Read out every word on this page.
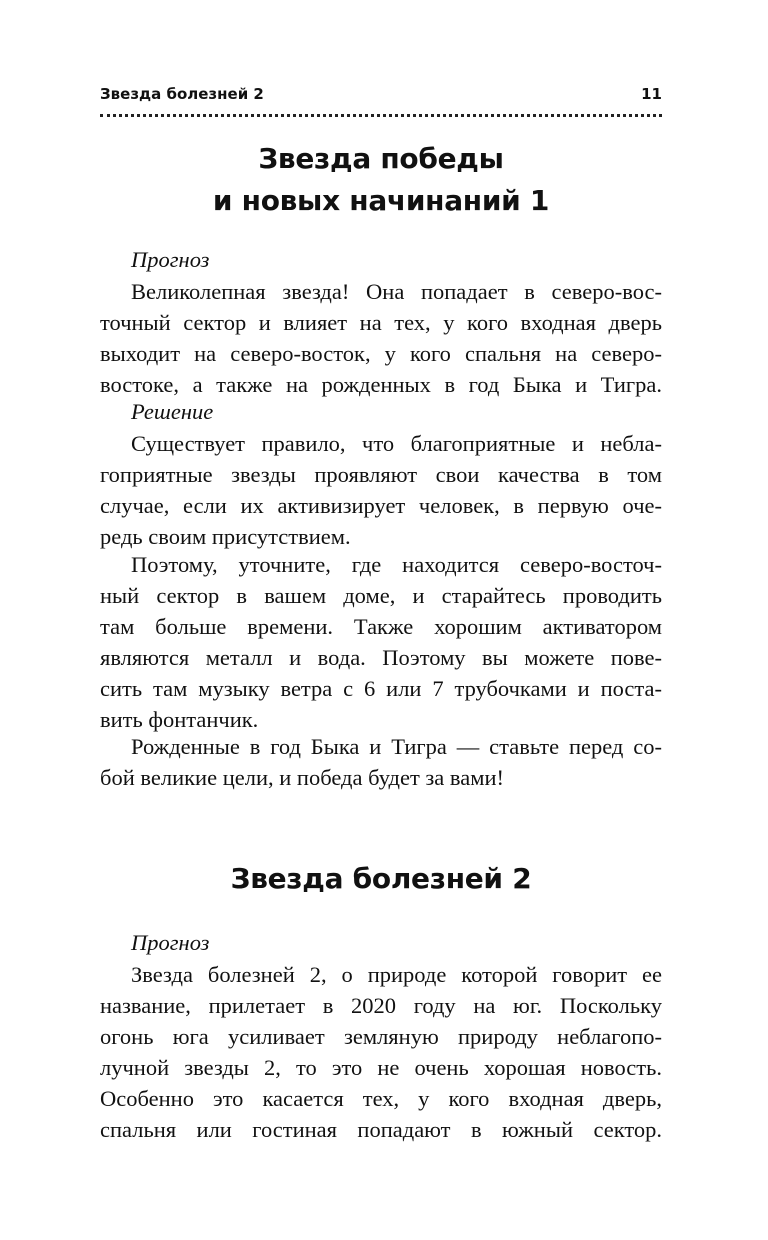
Звезда болезней 2	11
Звезда победы
и новых начинаний 1
Прогноз
Великолепная звезда! Она попадает в северо-вос-
точный сектор и влияет на тех, у кого входная дверь
выходит на северо-восток, у кого спальня на северо-
востоке, а также на рожденных в год Быка и Тигра.
Решение
Существует правило, что благоприятные и небла-
гоприятные звезды проявляют свои качества в том
случае, если их активизирует человек, в первую оче-
редь своим присутствием.
Поэтому, уточните, где находится северо-восточ-
ный сектор в вашем доме, и старайтесь проводить
там больше времени. Также хорошим активатором
являются металл и вода. Поэтому вы можете пове-
сить там музыку ветра с 6 или 7 трубочками и поста-
вить фонтанчик.
Рожденные в год Быка и Тигра — ставьте перед со-
бой великие цели, и победа будет за вами!
Звезда болезней 2
Прогноз
Звезда болезней 2, о природе которой говорит ее
название, прилетает в 2020 году на юг. Поскольку
огонь юга усиливает земляную природу неблагопо-
лучной звезды 2, то это не очень хорошая новость.
Особенно это касается тех, у кого входная дверь,
спальня или гостиная попадают в южный сектор.
